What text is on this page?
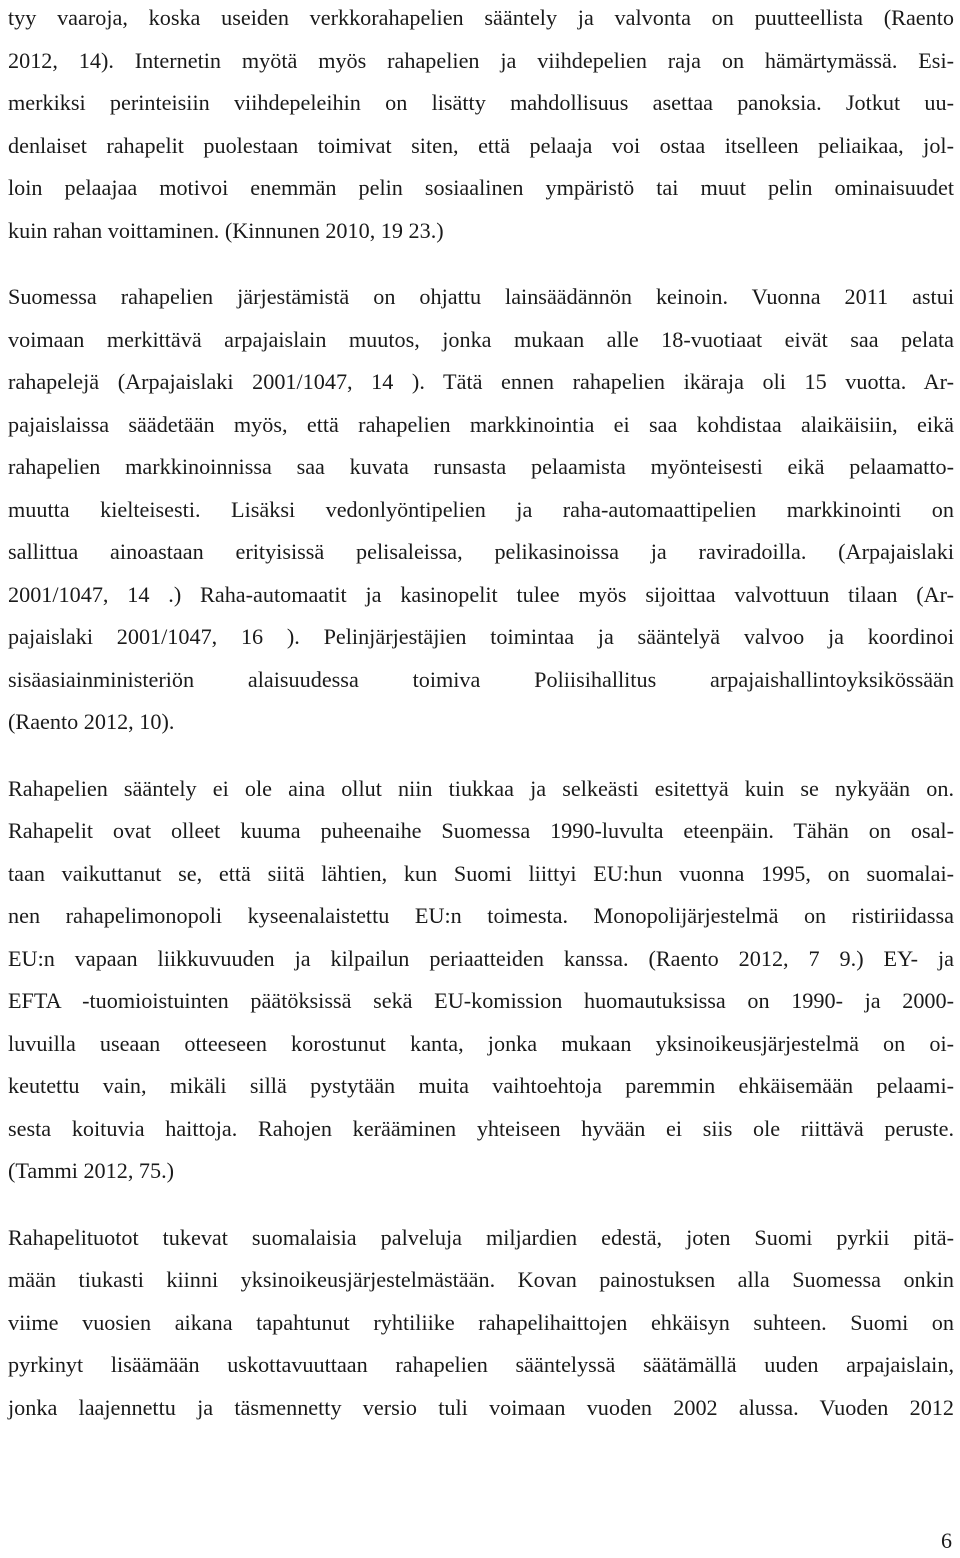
tyy vaaroja, koska useiden verkkorahapelien sääntely ja valvonta on puutteellista (Raento

2012, 14). Internetin myötä myös rahapelien ja viihdepelien raja on hämärtymässä. Esi-

merkiksi perinteisiin viihdepeleihin on lisätty mahdollisuus asettaa panoksia. Jotkut uu-

denlaiset rahapelit puolestaan toimivat siten, että pelaaja voi ostaa itselleen peliaikaa, jol-

loin pelaajaa motivoi enemmän pelin sosiaalinen ympäristö tai muut pelin ominaisuudet

kuin rahan voittaminen. (Kinnunen 2010, 19 23.)

Suomessa rahapelien järjestämistä on ohjattu lainsäädännön keinoin. Vuonna 2011 astui

voimaan merkittävä arpajaislain muutos, jonka mukaan alle 18-vuotiaat eivät saa pelata

rahapelejä (Arpajaislaki 2001/1047, 14 ). Tätä ennen rahapelien ikäraja oli 15 vuotta. Ar-

pajaislaissa säädetään myös, että rahapelien markkinointia ei saa kohdistaa alaikäisiin, eikä

rahapelien markkinoinnissa saa kuvata runsasta pelaamista myönteisesti eikä pelaamatto-

muutta kielteisesti. Lisäksi vedonlyöntipelien ja raha-automaattipelien markkinointi on

sallittua ainoastaan erityisissä pelisaleissa, pelikasinoissa ja raviradoilla. (Arpajaislaki

2001/1047, 14 .) Raha-automaatit ja kasinopelit tulee myös sijoittaa valvottuun tilaan (Ar-

pajaislaki 2001/1047, 16 ). Pelinjärjestäjien toimintaa ja sääntelyä valvoo ja koordinoi

sisäasiainministeriön alaisuudessa toimiva Poliisihallitus arpajaishallintoyksikössään

(Raento 2012, 10).

Rahapelien sääntely ei ole aina ollut niin tiukkaa ja selkeästi esitettyä kuin se nykyään on.

Rahapelit ovat olleet kuuma puheenaihe Suomessa 1990-luvulta eteenpäin. Tähän on osal-

taan vaikuttanut se, että siitä lähtien, kun Suomi liittyi EU:hun vuonna 1995, on suomalai-

nen rahapelimonopoli kyseenalaistettu EU:n toimesta. Monopolijärjestelmä on ristiriidassa

EU:n vapaan liikkuvuuden ja kilpailun periaatteiden kanssa. (Raento 2012, 7 9.) EY- ja

EFTA -tuomioistuinten päätöksissä sekä EU-komission huomautuksissa on 1990- ja 2000-

luvuilla useaan otteeseen korostunut kanta, jonka mukaan yksinoikeusjärjestelmä on oi-

keutettu vain, mikäli sillä pystytään muita vaihtoehtoja paremmin ehkäisemään pelaami-

sesta koituvia haittoja. Rahojen kerääminen yhteiseen hyvään ei siis ole riittävä peruste.

(Tammi 2012, 75.)

Rahapelituotot tukevat suomalaisia palveluja miljardien edestä, joten Suomi pyrkii pitä-

mään tiukasti kiinni yksinoikeusjärjestelmästään. Kovan painostuksen alla Suomessa onkin

viime vuosien aikana tapahtunut ryhtiliike rahapelihaittojen ehkäisyn suhteen. Suomi on

pyrkinyt lisäämään uskottavuuttaan rahapelien sääntelyssä säätämällä uuden arpajaislain,

jonka laajennettu ja täsmennetty versio tuli voimaan vuoden 2002 alussa. Vuoden 2012

6
